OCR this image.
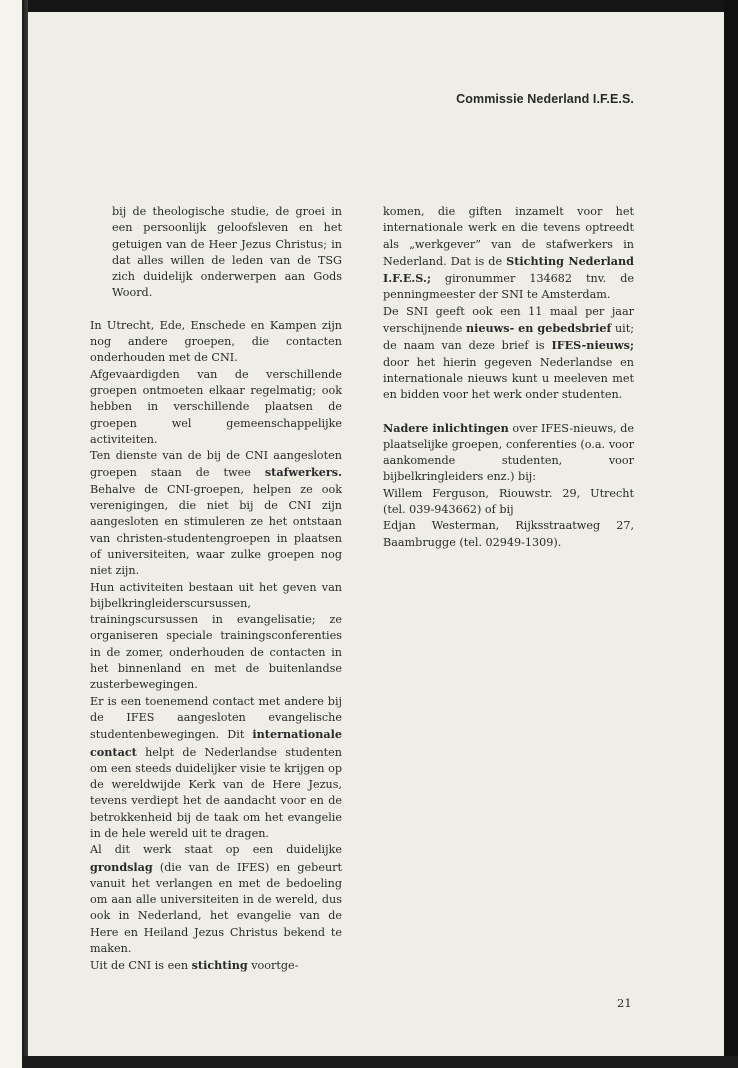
Commissie Nederland I.F.E.S.

bij de theologische studie, de groei in een persoonlijk geloofsleven en het getuigen van de Heer Jezus Christus; in dat alles willen de leden van de TSG zich duidelijk onderwerpen aan Gods Woord.

In Utrecht, Ede, Enschede en Kampen zijn nog andere groepen, die contacten onderhouden met de CNI.

Afgevaardigden van de verschillende groepen ontmoeten elkaar regelmatig; ook hebben in verschillende plaatsen de groepen wel gemeenschappelijke activiteiten.

Ten dienste van de bij de CNI aangesloten groepen staan de twee stafwerkers. Behalve de CNI-groepen, helpen ze ook verenigingen, die niet bij de CNI zijn aangesloten en stimuleren ze het ontstaan van christen-studentengroepen in plaatsen of universiteiten, waar zulke groepen nog niet zijn.

Hun activiteiten bestaan uit het geven van bijbelkringleiderscursussen, trainingscursussen in evangelisatie; ze organiseren speciale trainingsconferenties in de zomer, onderhouden de contacten in het binnenland en met de buitenlandse zusterbewegingen.

Er is een toenemend contact met andere bij de IFES aangesloten evangelische studentenbewegingen. Dit internationale contact helpt de Nederlandse studenten om een steeds duidelijker visie te krijgen op de wereldwijde Kerk van de Here Jezus, tevens verdiept het de aandacht voor en de betrokkenheid bij de taak om het evangelie in de hele wereld uit te dragen.

Al dit werk staat op een duidelijke grondslag (die van de IFES) en gebeurt vanuit het verlangen en met de bedoeling om aan alle universiteiten in de wereld, dus ook in Nederland, het evangelie van de Here en Heiland Jezus Christus bekend te maken.

Uit de CNI is een stichting voortge-

komen, die giften inzamelt voor het internationale werk en die tevens optreedt als „werkgever” van de stafwerkers in Nederland. Dat is de Stichting Nederland I.F.E.S.; gironummer 134682 tnv. de penningmeester der SNI te Amsterdam.

De SNI geeft ook een 11 maal per jaar verschijnende nieuws- en gebedsbrief uit; de naam van deze brief is IFES-nieuws; door het hierin gegeven Nederlandse en internationale nieuws kunt u meeleven met en bidden voor het werk onder studenten.

Nadere inlichtingen over IFES-nieuws, de plaatselijke groepen, conferenties (o.a. voor aankomende studenten, voor bijbelkringleiders enz.) bij:

Willem Ferguson, Riouwstr. 29, Utrecht (tel. 039-943662) of bij

Edjan Westerman, Rijksstraatweg 27, Baambrugge (tel. 02949-1309).

21
